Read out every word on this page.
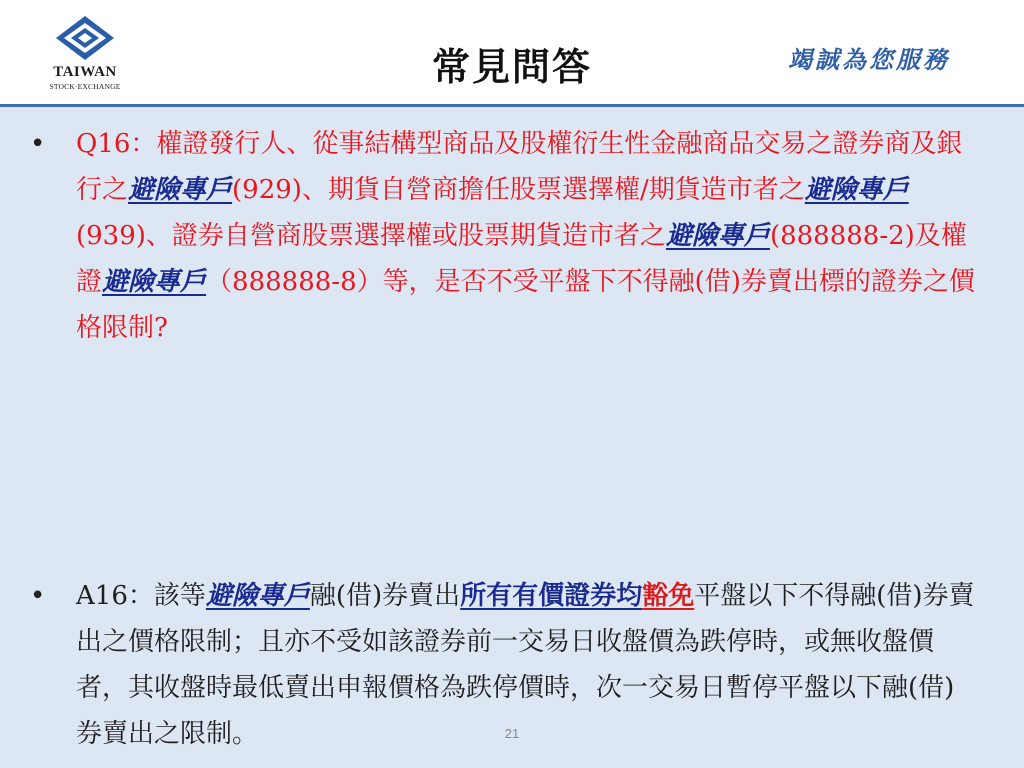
TAIWAN
STOCK·EXCHANGE	常見問答	竭誠為您服務
• Q16：權證發行人、從事結構型商品及股權衍生性金融商品交易之證券商及銀行之避險專戶(929)、期貨自營商擔任股票選擇權/期貨造市者之避險專戶(939)、證券自營商股票選擇權或股票期貨造市者之避險專戶(888888-2)及權證避險專戶（888888-8）等，是否不受平盤下不得融(借)券賣出標的證券之價格限制?
• A16：該等避險專戶融(借)券賣出所有有價證券均豁免平盤以下不得融(借)券賣出之價格限制；且亦不受如該證券前一交易日收盤價為跌停時，或無收盤價者，其收盤時最低賣出申報價格為跌停價時，次一交易日暫停平盤以下融(借)券賣出之限制。	21
